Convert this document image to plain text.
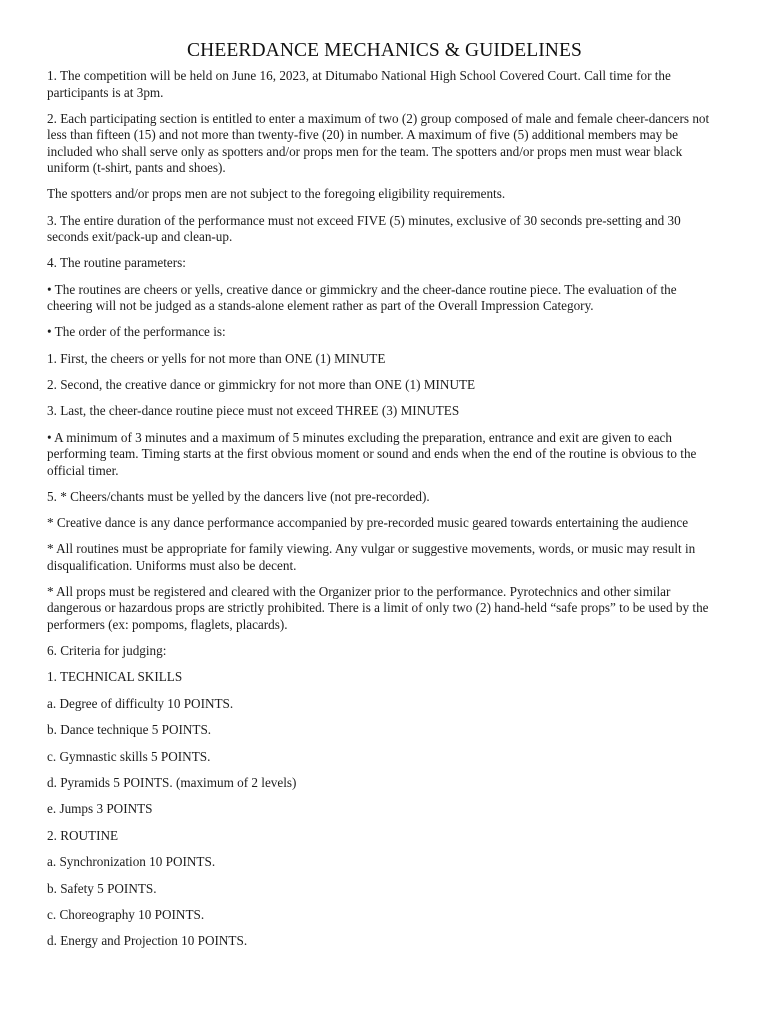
CHEERDANCE MECHANICS & GUIDELINES

1. The competition will be held on June 16, 2023, at Ditumabo National High School Covered Court. Call time for the participants is at 3pm.

2. Each participating section is entitled to enter a maximum of two (2) group composed of male and female cheer-dancers not less than fifteen (15) and not more than twenty-five (20) in number. A maximum of five (5) additional members may be included who shall serve only as spotters and/or props men for the team. The spotters and/or props men must wear black uniform (t-shirt, pants and shoes).

The spotters and/or props men are not subject to the foregoing eligibility requirements.

3. The entire duration of the performance must not exceed FIVE (5) minutes, exclusive of 30 seconds pre-setting and 30 seconds exit/pack-up and clean-up.

4. The routine parameters:

• The routines are cheers or yells, creative dance or gimmickry and the cheer-dance routine piece. The evaluation of the cheering will not be judged as a stands-alone element rather as part of the Overall Impression Category.

• The order of the performance is:

1. First, the cheers or yells for not more than ONE (1) MINUTE

2. Second, the creative dance or gimmickry for not more than ONE (1) MINUTE

3. Last, the cheer-dance routine piece must not exceed THREE (3) MINUTES

• A minimum of 3 minutes and a maximum of 5 minutes excluding the preparation, entrance and exit are given to each performing team. Timing starts at the first obvious moment or sound and ends when the end of the routine is obvious to the official timer.

5. * Cheers/chants must be yelled by the dancers live (not pre-recorded).

* Creative dance is any dance performance accompanied by pre-recorded music geared towards entertaining the audience

* All routines must be appropriate for family viewing. Any vulgar or suggestive movements, words, or music may result in disqualification. Uniforms must also be decent.

* All props must be registered and cleared with the Organizer prior to the performance. Pyrotechnics and other similar dangerous or hazardous props are strictly prohibited. There is a limit of only two (2) hand-held “safe props” to be used by the performers (ex: pompoms, flaglets, placards).

6. Criteria for judging:

1. TECHNICAL SKILLS

a. Degree of difficulty 10 POINTS.

b. Dance technique 5 POINTS.

c. Gymnastic skills 5 POINTS.

d. Pyramids 5 POINTS. (maximum of 2 levels)

e. Jumps 3 POINTS

2. ROUTINE

a. Synchronization 10 POINTS.

b. Safety 5 POINTS.

c. Choreography 10 POINTS.

d. Energy and Projection 10 POINTS.
